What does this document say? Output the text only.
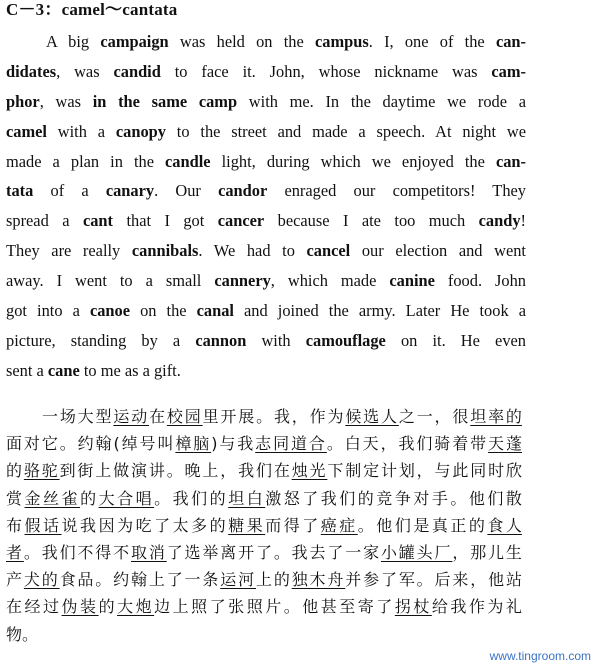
C－3：camel～cantata
A big campaign was held on the campus. I, one of the can-
didates, was candid to face it. John, whose nickname was cam-
phor, was in the same camp with me. In the daytime we rode a
camel with a canopy to the street and made a speech. At night we
made a plan in the candle light, during which we enjoyed the can-
tata of a canary. Our candor enraged our competitors! They
spread a cant that I got cancer because I ate too much candy!
They are really cannibals. We had to cancel our election and went
away. I went to a small cannery, which made canine food. John
got into a canoe on the canal and joined the army. Later He took a
picture, standing by a cannon with camouflage on it. He even
sent a cane to me as a gift.
一场大型运动在校园里开展。我，作为候选人之一，很坦率的
面对它。约翰(绰号叫樟脑)与我志同道合。白天，我们骑着带天蓬
的骆驼到街上做演讲。晚上，我们在烛光下制定计划，与此同时欣
赏金丝雀的大合唱。我们的坦白激怒了我们的竞争对手。他们散
布假话说我因为吃了太多的糖果而得了癌症。他们是真正的食人
者。我们不得不取消了选举离开了。我去了一家小罐头厂，那儿生
产犬的食品。约翰上了一条运河上的独木舟并参了军。后来，他站
在经过伪装的大炮边上照了张照片。他甚至寄了拐杖给我作为礼
物。
www.tingroom.com
